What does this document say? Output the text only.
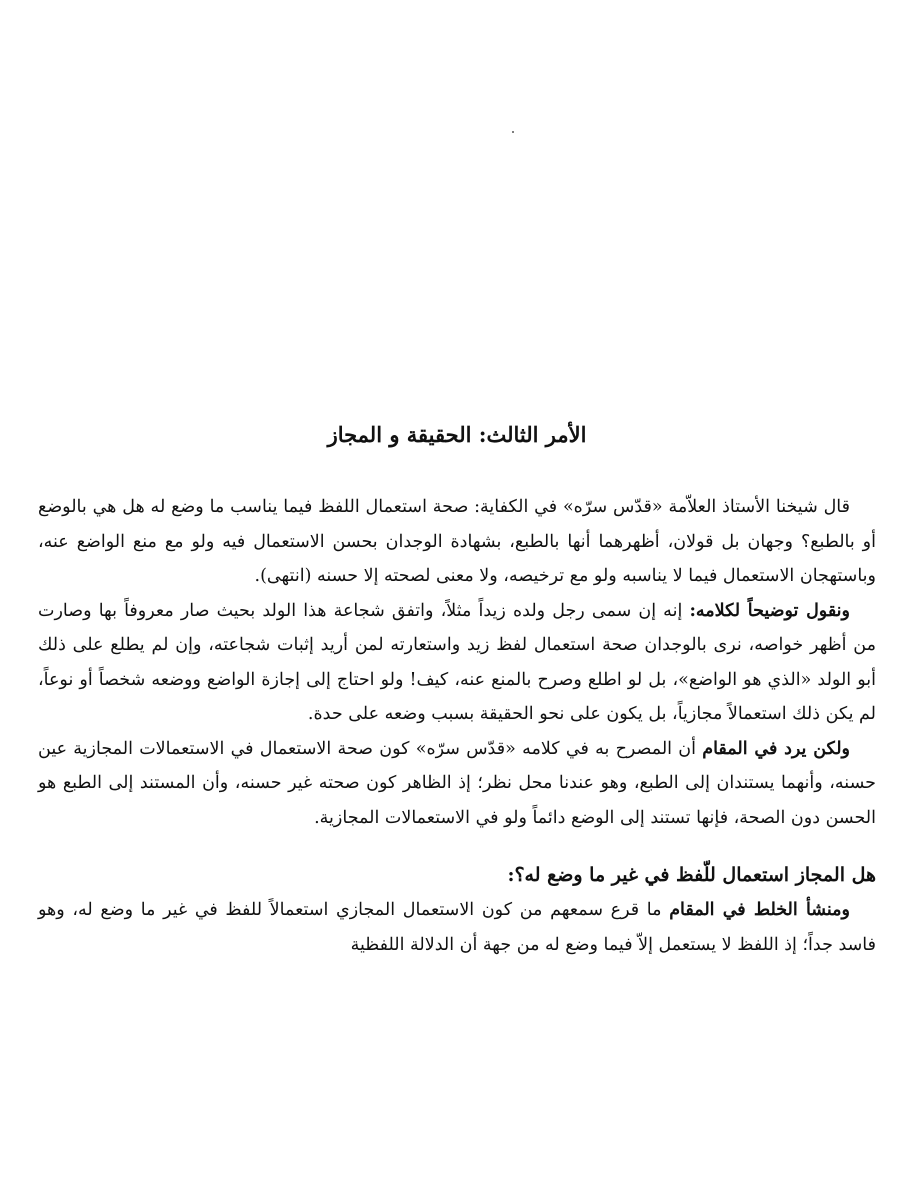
الأمر الثالث: الحقيقة و المجاز

قال شيخنا الأستاذ العلاّمة «قدّس سرّه» في الكفاية: صحة استعمال اللفظ فيما يناسب ما وضع له هل هي بالوضع أو بالطبع؟ وجهان بل قولان، أظهرهما أنها بالطبع، بشهادة الوجدان بحسن الاستعمال فيه ولو مع منع الواضع عنه، وباستهجان الاستعمال فيما لا يناسبه ولو مع ترخيصه، ولا معنى لصحته إلا حسنه (انتهى).

ونقول توضيحاً لكلامه: إنه إن سمى رجل ولده زيداً مثلاً، واتفق شجاعة هذا الولد بحيث صار معروفاً بها وصارت من أظهر خواصه، نرى بالوجدان صحة استعمال لفظ زيد واستعارته لمن أريد إثبات شجاعته، وإن لم يطلع على ذلك أبو الولد «الذي هو الواضع»، بل لو اطلع وصرح بالمنع عنه، كيف! ولو احتاج إلى إجازة الواضع ووضعه شخصاً أو نوعاً، لم يكن ذلك استعمالاً مجازياً، بل يكون على نحو الحقيقة بسبب وضعه على حدة.

ولكن يرد في المقام أن المصرح به في كلامه «قدّس سرّه» كون صحة الاستعمال في الاستعمالات المجازية عين حسنه، وأنهما يستندان إلى الطبع، وهو عندنا محل نظر؛ إذ الظاهر كون صحته غير حسنه، وأن المستند إلى الطبع هو الحسن دون الصحة، فإنها تستند إلى الوضع دائماً ولو في الاستعمالات المجازية.

هل المجاز استعمال للّفظ في غير ما وضع له؟:

ومنشأ الخلط في المقام ما قرع سمعهم من كون الاستعمال المجازي استعمالاً للفظ في غير ما وضع له، وهو فاسد جداً؛ إذ اللفظ لا يستعمل إلاّ فيما وضع له من جهة أن الدلالة اللفظية
